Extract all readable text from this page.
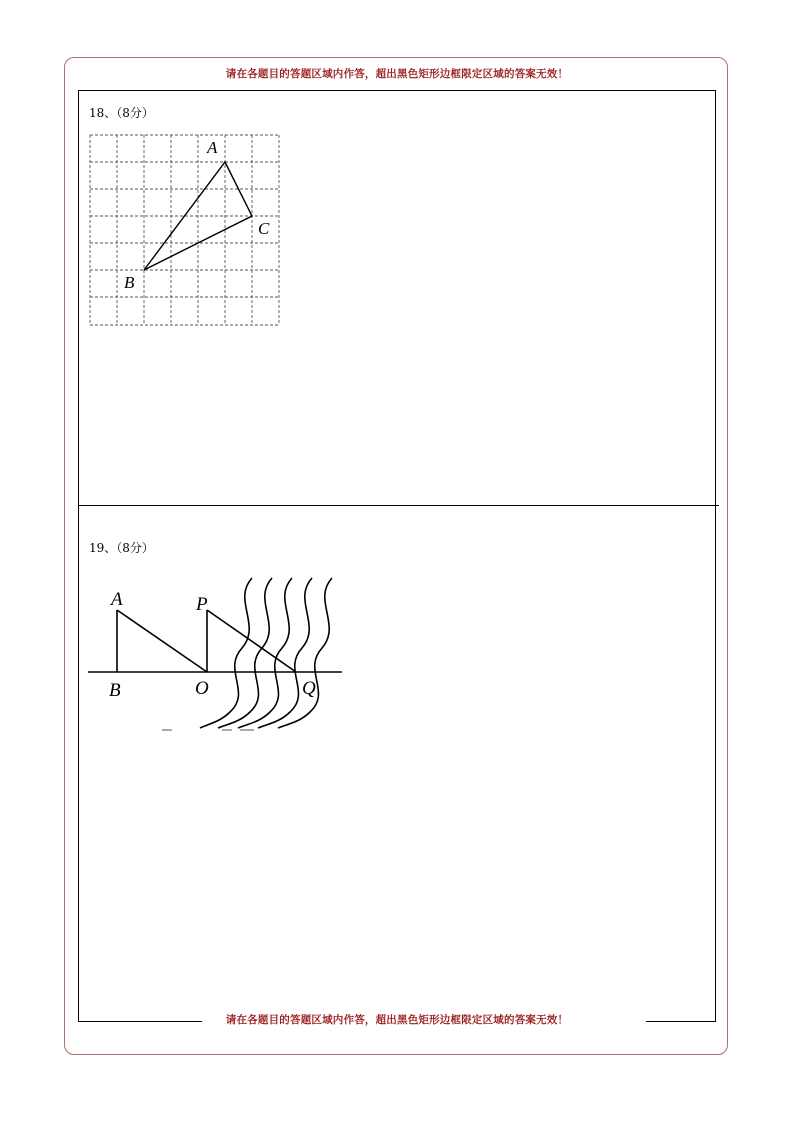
请在各题目的答题区域内作答，超出黑色矩形边框限定区域的答案无效！
18、（8分）
A
C
B
19、（8分）
A	P
B	O	Q
请在各题目的答题区域内作答，超出黑色矩形边框限定区域的答案无效！
